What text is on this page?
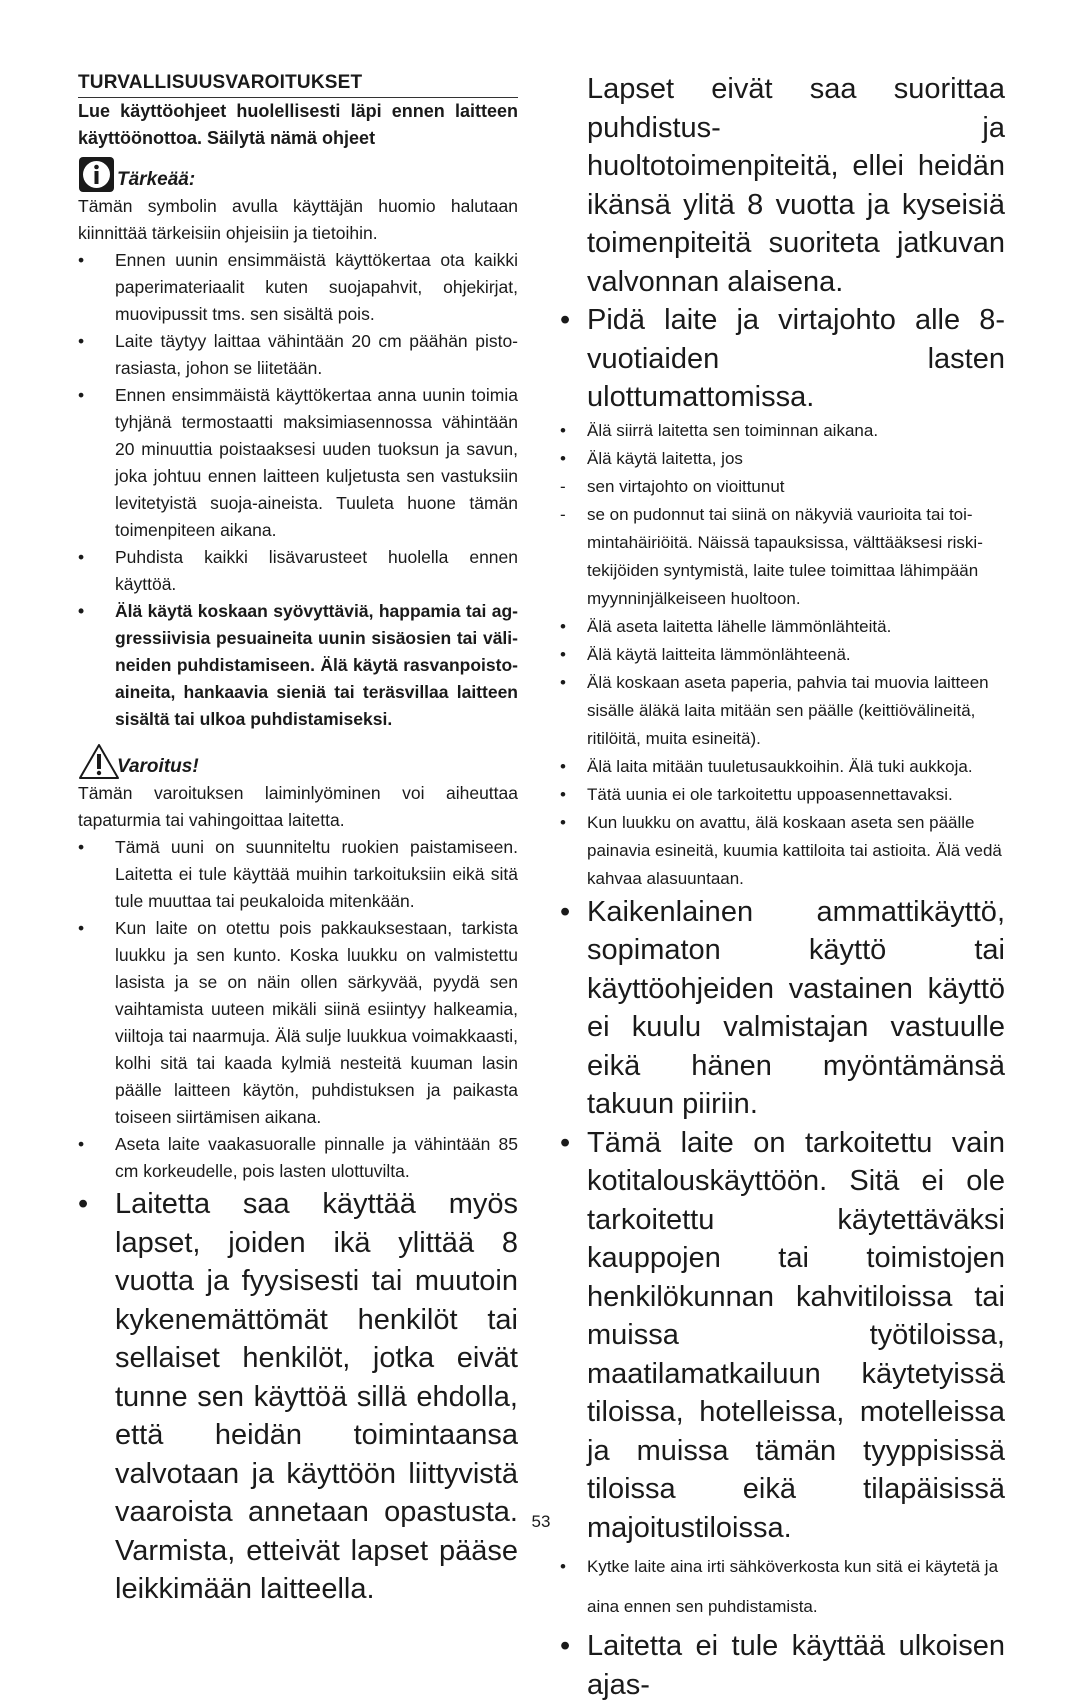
TURVALLISUUSVAROITUKSET
Lue käyttöohjeet huolellisesti läpi ennen laitteen käyttöönottoa. Säilytä nämä ohjeet
Tärkeää:

Tämän symbolin avulla käyttäjän huomio halutaan kiinnittää tärkeisiin ohjeisiin ja tietoihin.

• Ennen uunin ensimmäistä käyttökertaa ota kaikki paperimateriaalit kuten suojapahvit, ohjekirjat, muovipussit tms. sen sisältä pois.
• Laite täytyy laittaa vähintään 20 cm päähän pistorasiasta, johon se liitetään.
• Ennen ensimmäistä käyttökertaa anna uunin toimia tyhjänä termostaatti maksimiasennossa vähintään 20 minuuttia poistaaksesi uuden tuoksun ja savun, joka johtuu ennen laitteen kuljetusta sen vastuksiin levitetyistä suoja-aineista. Tuuleta huone tämän toimenpiteen aikana.
• Puhdista kaikki lisävarusteet huolella ennen käyttöä.
• Älä käytä koskaan syövyttäviä, happamia tai aggressiivisia pesuaineita uunin sisäosien tai välineiden puhdistamiseen. Älä käytä rasvanpoistoaineita, hankaavia sieniä tai teräsvillaa laitteen sisältä tai ulkoa puhdistamiseksi.
Varoitus!

Tämän varoituksen laiminlyöminen voi aiheuttaa tapaturmia tai vahingoittaa laitetta.

• Tämä uuni on suunniteltu ruokien paistamiseen. Laitetta ei tule käyttää muihin tarkoituksiin eikä sitä tule muuttaa tai peukaloida mitenkään.
• Kun laite on otettu pois pakkauksestaan, tarkista luukku ja sen kunto. Koska luukku on valmistettu lasista ja se on näin ollen särkyvää, pyydä sen vaihtamista uuteen mikäli siinä esiintyy halkeamia, viiltoja tai naarmuja. Älä sulje luukkua voimakkaasti, kolhi sitä tai kaada kylmiä nesteitä kuuman lasin päälle laitteen käytön, puhdistuksen ja paikasta toiseen siirtämisen aikana.
• Aseta laite vaakasuoralle pinnalle ja vähintään 85 cm korkeudelle, pois lasten ulottuvilta.
• Laitetta saa käyttää myös lapset, joiden ikä ylittää 8 vuotta ja fyysisesti tai muutoin kykenemättömät henkilöt tai sellaiset henkilöt, jotka eivät tunne sen käyttöä sillä ehdolla, että heidän toimintaansa valvotaan ja käyttöön liittyvistä vaaroista annetaan opastusta. Varmista, etteivät lapset pääse leikkimään laitteella.

Lapset eivät saa suorittaa puhdistus- ja huoltotoimenpiteitä, ellei heidän ikänsä ylitä 8 vuotta ja kyseisiä toimenpiteitä suoriteta jatkuvan valvonnan alaisena.

• Pidä laite ja virtajohto alle 8-vuotiaiden lasten ulottumattomissa.
• Älä siirrä laitetta sen toiminnan aikana.
• Älä käytä laitetta, jos
- sen virtajohto on vioittunut
- se on pudonnut tai siinä on näkyviä vaurioita tai toimintahäiriöitä. Näissä tapauksissa, välttääksesi riskitekijöiden syntymistä, laite tulee toimittaa lähimpään myynninjälkeiseen huoltoon.
• Älä aseta laitetta lähelle lämmönlähteitä.
• Älä käytä laitteita lämmönlähteenä.
• Älä koskaan aseta paperia, pahvia tai muovia laitteen sisälle äläkä laita mitään sen päälle (keittiövälineitä, ritilöitä, muita esineitä).
• Älä laita mitään tuuletusaukkoihin. Älä tuki aukkoja.
• Tätä uunia ei ole tarkoitettu uppoasennettavaksi.
• Kun luukku on avattu, älä koskaan aseta sen päälle painavia esineitä, kuumia kattiloita tai astioita. Älä vedä kahvaa alasuuntaan.
• Kaikenlainen ammattikäyttö, sopimaton käyttö tai käyttöohjeiden vastainen käyttö ei kuulu valmistajan vastuulle eikä hänen myöntämänsä takuun piiriin.
• Tämä laite on tarkoitettu vain kotitalouskäyttöön. Sitä ei ole tarkoitettu käytettäväksi kauppojen tai toimistojen henkilökunnan kahvitiloissa tai muissa työtiloissa, maatilamatkailuun käytetyissä tiloissa, hotelleissa, motelleissa ja muissa tämän tyyppisissä tiloissa eikä tilapäisissä majoitustiloissa.
• Kytke laite aina irti sähköverkosta kun sitä ei käytetä ja aina ennen sen puhdistamista.
• Laitetta ei tule käyttää ulkoisen ajas-
53
